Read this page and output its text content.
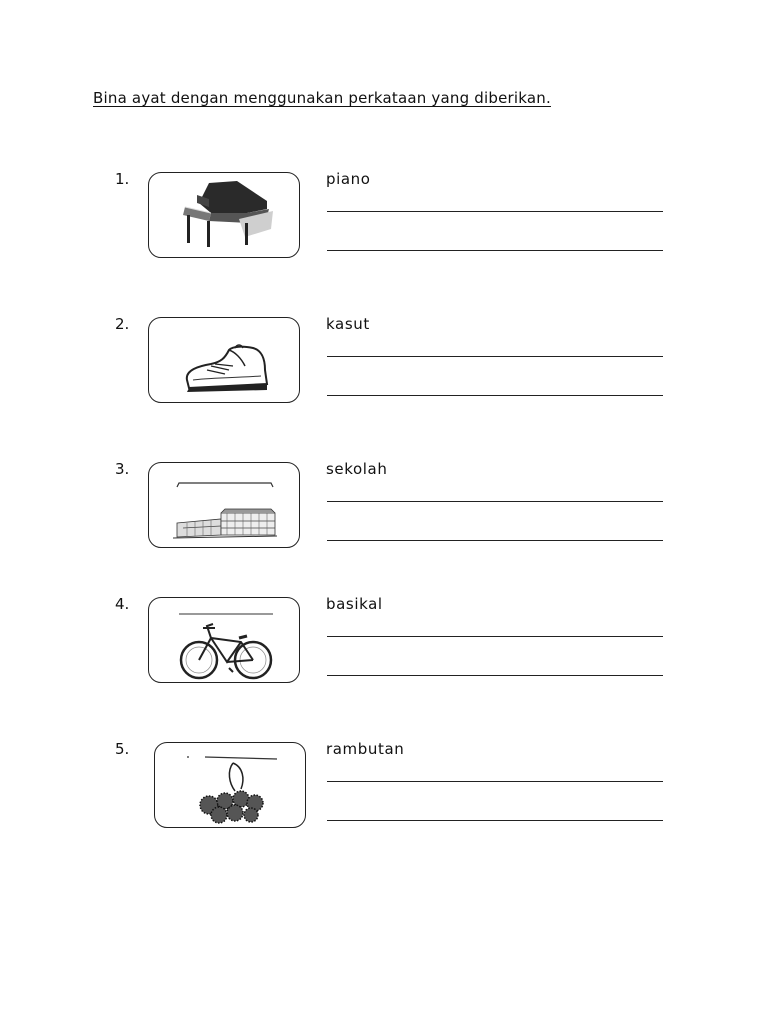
Bina ayat dengan menggunakan perkataan yang diberikan.
1.	piano
2.	kasut
3.	sekolah
4.	basikal
5.	rambutan
